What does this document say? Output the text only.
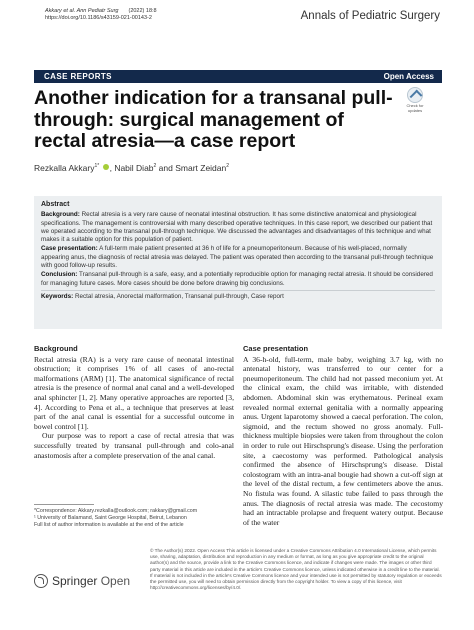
Akkary et al. Ann Pediatr Surg (2022) 18:8
https://doi.org/10.1186/s43159-021-00143-2	Annals of Pediatric Surgery
CASE REPORTS	Open Access
Check for updates
Another indication for a transanal pull-through: surgical management of rectal atresia—a case report
Rezkalla Akkary$^{1*}$ , Nabil Diab$^2$ and Smart Zeidan$^2$
Abstract

Background: Rectal atresia is a very rare cause of neonatal intestinal obstruction. It has some distinctive anatomical and physiological specifications. The management is controversial with many described operative techniques. In this case report, we described our patient that we operated according to the transanal pull-through technique. We discussed the advantages and disadvantages of this technique and what makes it a suitable option for this population of patient.

Case presentation: A full-term male patient presented at 36 h of life for a pneumoperitoneum. Because of his well-placed, normally appearing anus, the diagnosis of rectal atresia was delayed. The patient was operated then according to the transanal pull-through technique with good follow-up results.

Conclusion: Transanal pull-through is a safe, easy, and a potentially reproducible option for managing rectal atresia. It should be considered for managing future cases. More cases should be done before drawing big conclusions.

Keywords: Rectal atresia, Anorectal malformation, Transanal pull-through, Case report

Background

Rectal atresia (RA) is a very rare cause of neonatal intestinal obstruction; it comprises 1% of all cases of ano-rectal malformations (ARM) [1]. The anatomical significance of rectal atresia is the presence of normal anal canal and a well-developed anal sphincter [1, 2]. Many operative approaches are reported [3, 4]. According to Pena et al., a technique that preserves at least part of the anal canal is essential for a successful outcome in bowel control [1].

Our purpose was to report a case of rectal atresia that was successfully treated by transanal pull-through and colo-anal anastomosis after a complete preservation of the anal canal.

Case presentation

A 36-h-old, full-term, male baby, weighing 3.7 kg, with no antenatal history, was transferred to our center for a pneumoperitoneum. The child had not passed meconium yet. At the clinical exam, the child was irritable, with distended abdomen. Abdominal skin was erythematous. Perineal exam revealed normal external genitalia with a normally appearing anus. Urgent laparotomy showed a caecal perforation. The colon, sigmoid, and the rectum showed no gross anomaly. Full-thickness multiple biopsies were taken from throughout the colon in order to rule out Hirschsprung's disease. Using the perforation site, a caecostomy was performed. Pathological analysis confirmed the absence of Hirschsprung's disease. Distal colostogram with an intra-anal bougie had shown a cut-off sign at the level of the distal rectum, a few centimeters above the anus. No fistula was found. A silastic tube failed to pass through the anus. The diagnosis of rectal atresia was made. The cecostomy had an intractable prolapse and frequent watery output. Because of the water

*Correspondence: Akkary.rezkalla@outlook.com; rakkary@gmail.com
¹ University of Balamand, Saint George Hospital, Beirut, Lebanon
Full list of author information is available at the end of the article
Springer Open
© The Author(s) 2022. Open Access This article is licensed under a Creative Commons Attribution 4.0 International License, which permits use, sharing, adaptation, distribution and reproduction in any medium or format, as long as you give appropriate credit to the original author(s) and the source, provide a link to the Creative Commons licence, and indicate if changes were made. The images or other third party material in this article are included in the article's Creative Commons licence, unless indicated otherwise in a credit line to the material. If material is not included in the article's Creative Commons licence and your intended use is not permitted by statutory regulation or exceeds the permitted use, you will need to obtain permission directly from the copyright holder. To view a copy of this licence, visit http://creativecommons.org/licenses/by/4.0/.
